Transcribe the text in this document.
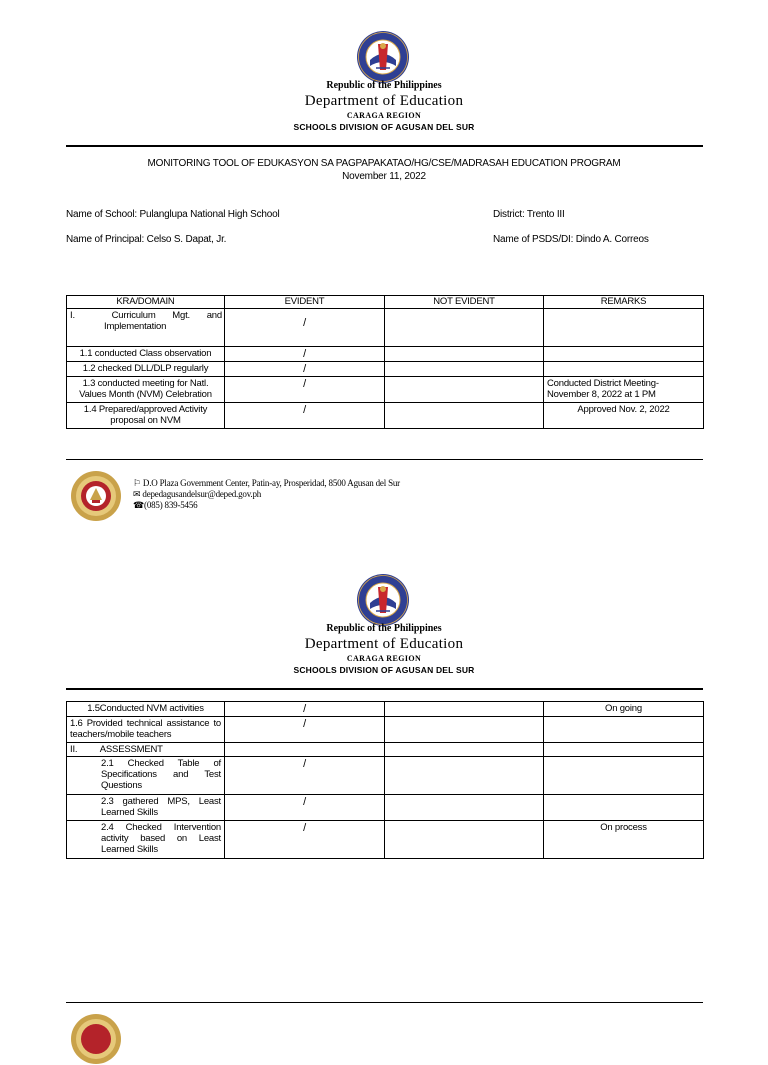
Republic of the Philippines
Department of Education
CARAGA REGION
SCHOOLS DIVISION OF AGUSAN DEL SUR
MONITORING TOOL OF EDUKASYON SA PAGPAPAKATAO/HG/CSE/MADRASAH EDUCATION PROGRAM
November 11, 2022
Name of School: Pulanglupa National High School	District: Trento III
Name of Principal: Celso S. Dapat, Jr.	Name of PSDS/DI: Dindo A. Correos
KRA/DOMAIN	EVIDENT	NOT EVIDENT	REMARKS

I. Curriculum Mgt. and
Implementation	/		
1.1 conducted Class observation	/		
1.2 checked DLL/DLP regularly	/		
1.3 conducted meeting for Natl. Values Month (NVM) Celebration	/		Conducted District Meeting- November 8, 2022 at 1 PM
1.4 Prepared/approved Activity proposal on NVM	/		Approved Nov. 2, 2022
⚐ D.O Plaza Government Center, Patin-ay, Prosperidad, 8500 Agusan del Sur
✉ depedagusandelsur@deped.gov.ph
☎(085) 839-5456
Republic of the Philippines
Department of Education
CARAGA REGION
SCHOOLS DIVISION OF AGUSAN DEL SUR
1.5Conducted NVM activities	/		On going
1.6 Provided technical assistance to teachers/mobile teachers	/		
II. ASSESSMENT			
2.1 Checked Table of Specifications and Test Questions	/		
2.3 gathered MPS, Least Learned Skills	/		
2.4 Checked Intervention activity based on Least Learned Skills	/		On process
